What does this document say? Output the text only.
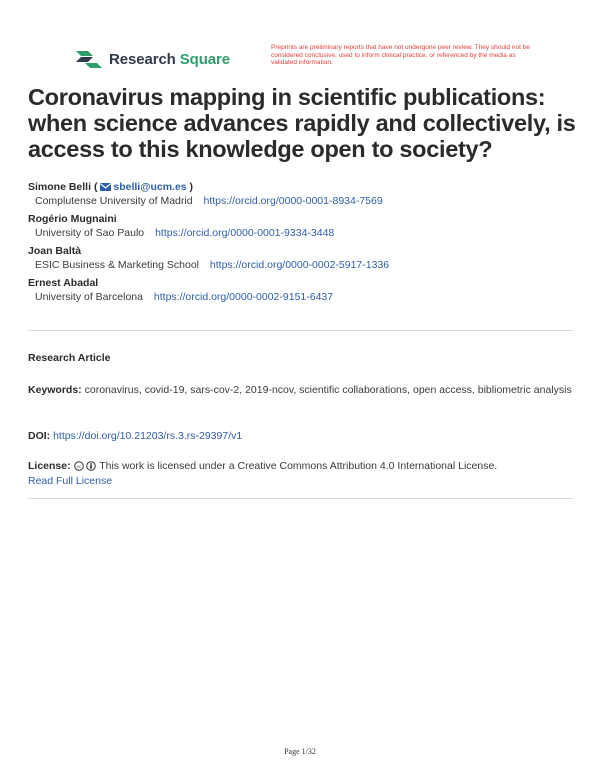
Research Square
Preprints are preliminary reports that have not undergone peer review. They should not be considered conclusive, used to inform clinical practice, or referenced by the media as validated information.
Coronavirus mapping in scientific publications: when science advances rapidly and collectively, is access to this knowledge open to society?
Simone Belli ( sbelli@ucm.es )
Complutense University of Madrid https://orcid.org/0000-0001-8934-7569
Rogério Mugnaini
University of Sao Paulo https://orcid.org/0000-0001-9334-3448
Joan Baltà
ESIC Business & Marketing School https://orcid.org/0000-0002-5917-1336
Ernest Abadal
University of Barcelona https://orcid.org/0000-0002-9151-6437
Research Article
Keywords: coronavirus, covid-19, sars-cov-2, 2019-ncov, scientific collaborations, open access, bibliometric analysis
DOI: https://doi.org/10.21203/rs.3.rs-29397/v1
License: cc This work is licensed under a Creative Commons Attribution 4.0 International License.
Read Full License
Page 1/32
